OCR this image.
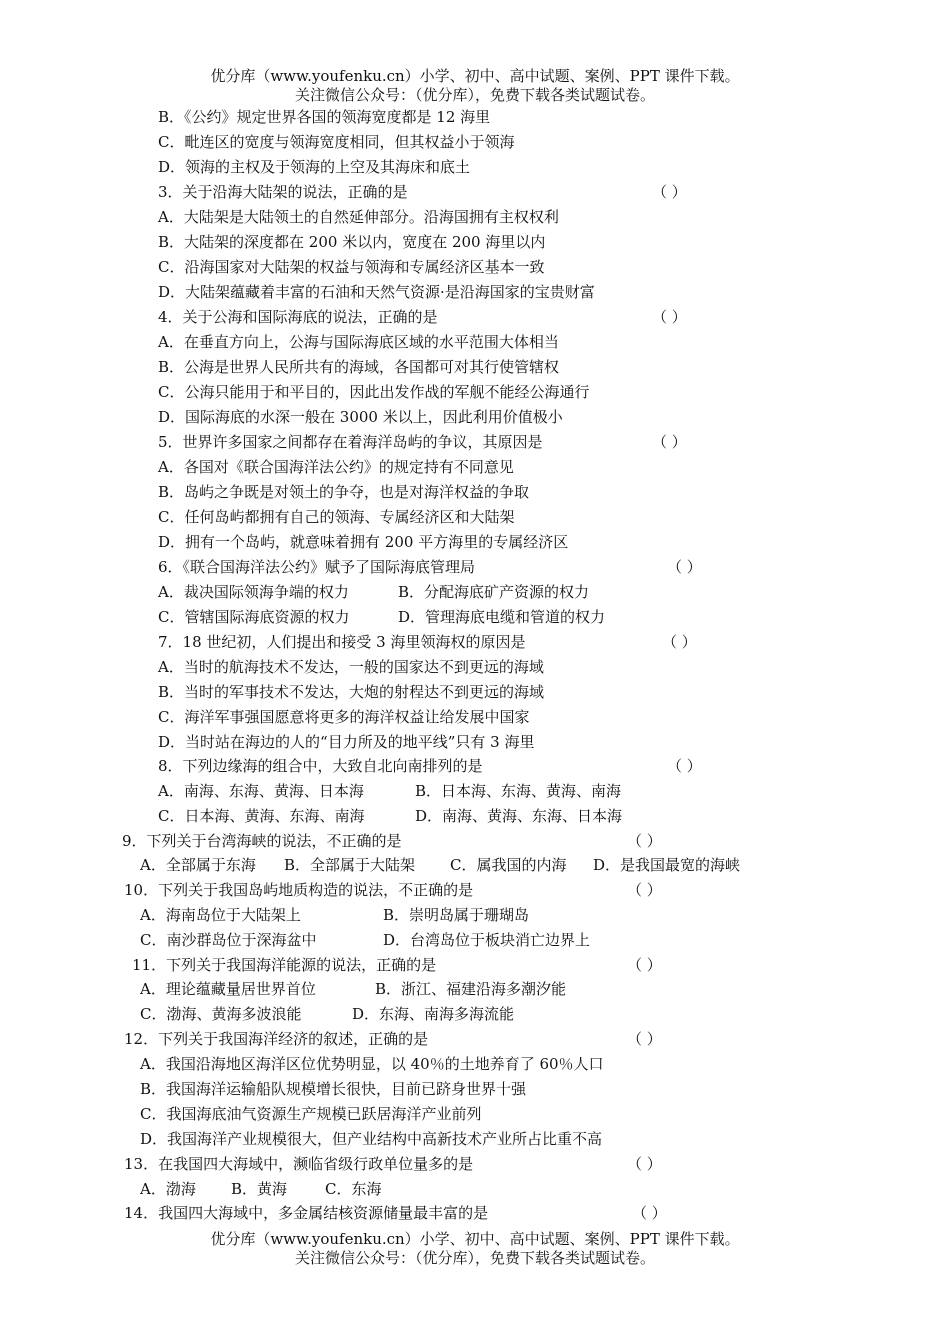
优分库（www.youfenku.cn）小学、初中、高中试题、案例、PPT 课件下载。
关注微信公众号：（优分库），免费下载各类试题试卷。
B．《公约》规定世界各国的领海宽度都是 12 海里
C．毗连区的宽度与领海宽度相同，但其权益小于领海
D．领海的主权及于领海的上空及其海床和底土
3．关于沿海大陆架的说法，正确的是	（ ）
A．大陆架是大陆领土的自然延伸部分。沿海国拥有主权权利
B．大陆架的深度都在 200 米以内，宽度在 200 海里以内
C．沿海国家对大陆架的权益与领海和专属经济区基本一致
D．大陆架蕴藏着丰富的石油和天然气资源·是沿海国家的宝贵财富
4．关于公海和国际海底的说法，正确的是	（ ）
A．在垂直方向上，公海与国际海底区域的水平范围大体相当
B．公海是世界人民所共有的海域，各国都可对其行使管辖权
C．公海只能用于和平目的，因此出发作战的军舰不能经公海通行
D．国际海底的水深一般在 3000 米以上，因此利用价值极小
5．世界许多国家之间都存在着海洋岛屿的争议，其原因是	（ ）
A．各国对《联合国海洋法公约》的规定持有不同意见
B．岛屿之争既是对领土的争夺，也是对海洋权益的争取
C．任何岛屿都拥有自己的领海、专属经济区和大陆架
D．拥有一个岛屿，就意味着拥有 200 平方海里的专属经济区
6．《联合国海洋法公约》赋予了国际海底管理局	（ ）
A．裁决国际领海争端的权力	B．分配海底矿产资源的权力
C．管辖国际海底资源的权力	D．管理海底电缆和管道的权力
7．18 世纪初，人们提出和接受 3 海里领海权的原因是	（ ）
A．当时的航海技术不发达，一般的国家达不到更远的海域
B．当时的军事技术不发达，大炮的射程达不到更远的海域
C．海洋军事强国愿意将更多的海洋权益让给发展中国家
D．当时站在海边的人的“目力所及的地平线”只有 3 海里
8．下列边缘海的组合中，大致自北向南排列的是	（ ）
A．南海、东海、黄海、日本海	B．日本海、东海、黄海、南海
C．日本海、黄海、东海、南海	D．南海、黄海、东海、日本海
9．下列关于台湾海峡的说法，不正确的是	（ ）
A．全部属于东海 B．全部属于大陆架 C．属我国的内海 D．是我国最宽的海峡
10．下列关于我国岛屿地质构造的说法，不正确的是	（ ）
A．海南岛位于大陆架上	B．崇明岛属于珊瑚岛
C．南沙群岛位于深海盆中	D．台湾岛位于板块消亡边界上
11．下列关于我国海洋能源的说法，正确的是	（ ）
A．理论蕴藏量居世界首位	B．浙江、福建沿海多潮汐能
C．渤海、黄海多波浪能	D．东海、南海多海流能
12．下列关于我国海洋经济的叙述，正确的是	（ ）
A．我国沿海地区海洋区位优势明显，以 40％的土地养育了 60％人口
B．我国海洋运输船队规模增长很快，目前已跻身世界十强
C．我国海底油气资源生产规模已跃居海洋产业前列
D．我国海洋产业规模很大，但产业结构中高新技术产业所占比重不高
13．在我国四大海域中，濒临省级行政单位量多的是	（ ）
A．渤海 B．黄海	C．东海
14．我国四大海域中，多金属结核资源储量最丰富的是	（ ）
优分库（www.youfenku.cn）小学、初中、高中试题、案例、PPT 课件下载。
关注微信公众号：（优分库），免费下载各类试题试卷。
